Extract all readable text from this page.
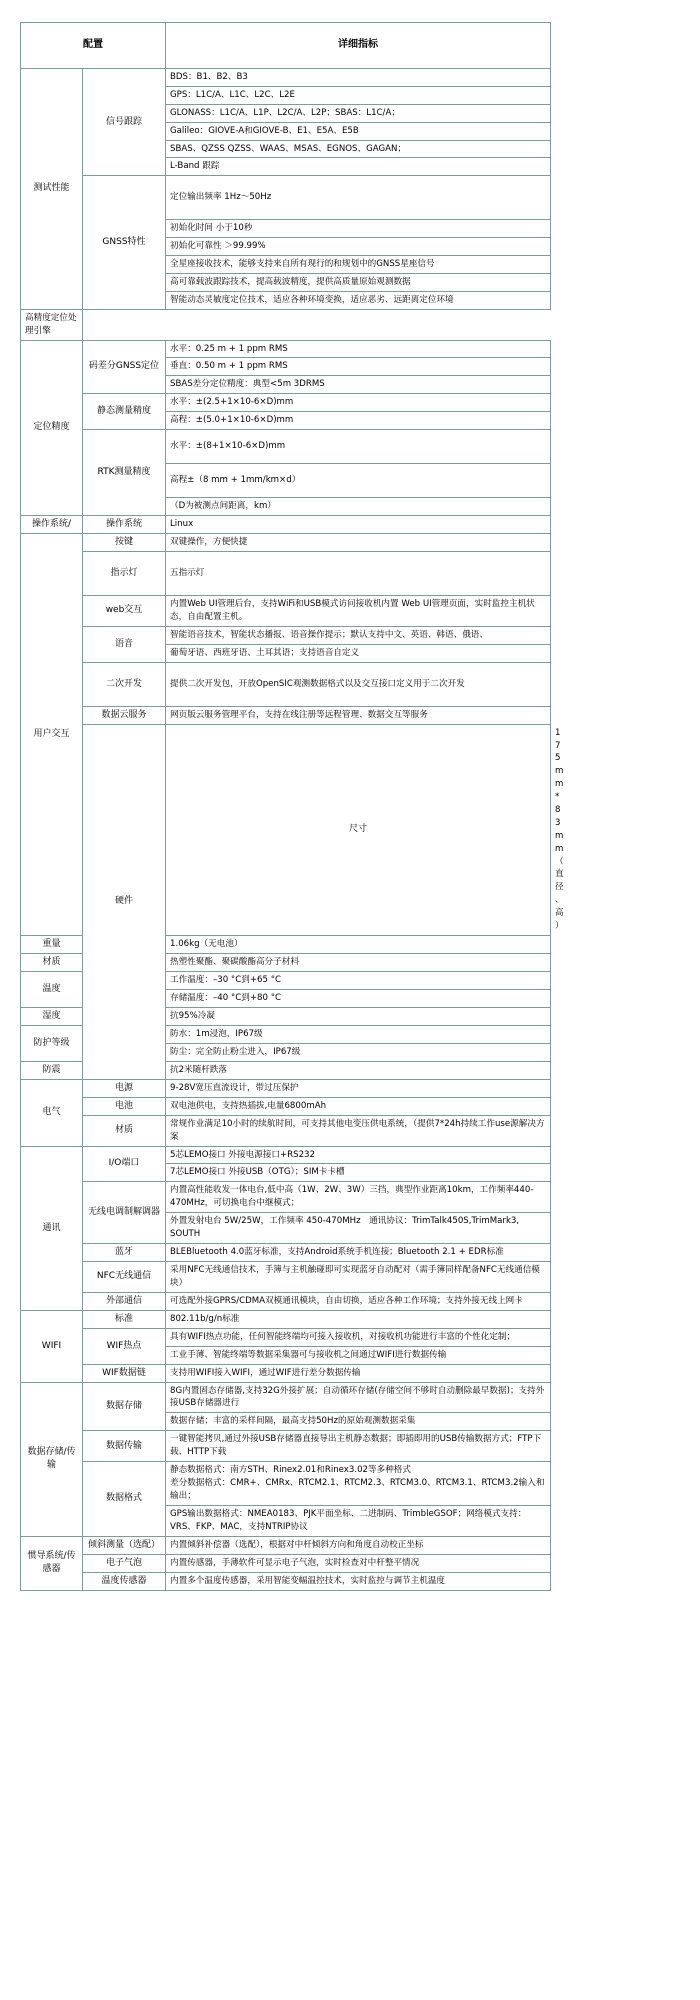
配置		详细指标	
测试性能	信号跟踪	BDS：B1、B2、B3	
		GPS：L1C/A、L1C、L2C、L2E	
		GLONASS：L1C/A、L1P、L2C/A、L2P；SBAS：L1C/A；	
		Galileo：GIOVE-A和GIOVE-B、E1、E5A、E5B	
		SBAS、QZSS QZSS、WAAS、MSAS、EGNOS、GAGAN；	
		L-Band 跟踪	
	GNSS特性	定位输出频率 1Hz～50Hz	
		初始化时间 小于10秒	
		初始化可靠性 ＞99.99%	
		全星座接收技术，能够支持来自所有现行的和规划中的GNSS星座信号	
		高可靠载波跟踪技术，提高载波精度，提供高质量原始观测数据	
		智能动态灵敏度定位技术，适应各种环境变换，适应恶劣、远距离定位环境	
高精度定位处理引擎			
定位精度	码差分GNSS定位	水平：0.25 m + 1 ppm RMS	
		垂直：0.50 m + 1 ppm RMS	
		SBAS差分定位精度：典型<5m 3DRMS	
	静态测量精度	水平：±(2.5+1×10-6×D)mm	
		高程：±(5.0+1×10-6×D)mm	
	RTK测量精度	水平：±(8+1×10-6×D)mm	
		高程±（8 mm + 1mm/km×d）	
		（D为被测点间距离，km）	
操作系统/	操作系统	Linux	
用户交互	按键	双键操作，方便快捷	
	指示灯	五指示灯	
	web交互	内置Web UI管理后台，支持WiFi和USB模式访问接收机内置 Web UI管理页面，实时监控主机状态，自由配置主机。	
	语音	智能语音技术，智能状态播报、语音操作提示；默认支持中文、英语、韩语、俄语、	
		葡萄牙语、西班牙语、土耳其语；支持语音自定义	
	二次开发	提供二次开发包，开放OpenSIC观测数据格式以及交互接口定义用于二次开发	
	数据云服务	网页版云服务管理平台，支持在线注册等远程管理、数据交互等服务	
	硬件	尺寸	175mm*83mm（直径、高）
重量		1.06kg（无电池）	
材质		热塑性聚酯、聚碳酸酯高分子材料	
温度		工作温度：–30 °C到+65 °C	
		存储温度：–40 °C到+80 °C	
湿度		抗95%冷凝	
防护等级		防水：1m浸泡，IP67级	
		防尘：完全防止粉尘进入，IP67级	
防震		抗2米随杆跌落	
电气	电源	9-28V宽压直流设计，带过压保护	
	电池	双电池供电，支持热插拔,电量6800mAh	
	材质	常规作业满足10小时的续航时间，可支持其他电变压供电系统，（提供7*24h持续工作use源解决方案	
通讯	I/O端口	5芯LEMO接口 外接电源接口+RS232	
		7芯LEMO接口 外接USB（OTG）；SIM卡卡槽	
	无线电调制解调器	内置高性能收发一体电台,低中高（1W、2W、3W）三挡，典型作业距离10km，工作频率440-470MHz，可切换电台中继模式；	
		外置发射电台 5W/25W，工作频率 450-470MHz　通讯协议：TrimTalk450S,TrimMark3, SOUTH	
	蓝牙	BLEBluetooth 4.0蓝牙标准，支持Android系统手机连接；Bluetooth 2.1 + EDR标准	
	NFC无线通信	采用NFC无线通信技术，手簿与主机触碰即可实现蓝牙自动配对（需手簿同样配备NFC无线通信模块）	
	外部通信	可选配外接GPRS/CDMA双模通讯模块，自由切换，适应各种工作环境；支持外接无线上网卡	
WIFI	标准	802.11b/g/n标准	
	WIF热点	具有WIFI热点功能，任何智能终端均可接入接收机，对接收机功能进行丰富的个性化定制；	
		工业手薄、智能终端等数据采集器可与接收机之间通过WIFI进行数据传输	
	WIF数据链	支持用WIFI接入WIFI，通过WIF进行差分数据传输	
数据存储/传输	数据存储	8G内置固态存储器,支持32G外接扩展；自动循环存储(存储空间不够时自动删除最早数据)；支持外接USB存储器进行	
		数据存储；丰富的采样间隔，最高支持50Hz的原始观测数据采集	
	数据传输	一键智能拷贝,通过外接USB存储器直接导出主机静态数据；即插即用的USB传输数据方式；FTP下载、HTTP下载	
	数据格式	静态数据格式：南方STH、Rinex2.01和Rinex3.02等多种格式
差分数据格式：CMR+、CMRx、RTCM2.1、RTCM2.3、RTCM3.0、RTCM3.1、RTCM3.2输入和输出；	
		GPS输出数据格式：NMEA0183、PJK平面坐标、二进制码、TrimbleGSOF；网络模式支持：VRS、FKP、MAC，支持NTRIP协议	
惯导系统/传感器	倾斜测量（选配）	内置倾斜补偿器（选配），根据对中杆倾斜方向和角度自动校正坐标	
	电子气泡	内置传感器，手薄软件可显示电子气泡，实时检查对中杆整平情况	
	温度传感器	内置多个温度传感器，采用智能变幅温控技术，实时监控与调节主机温度	
